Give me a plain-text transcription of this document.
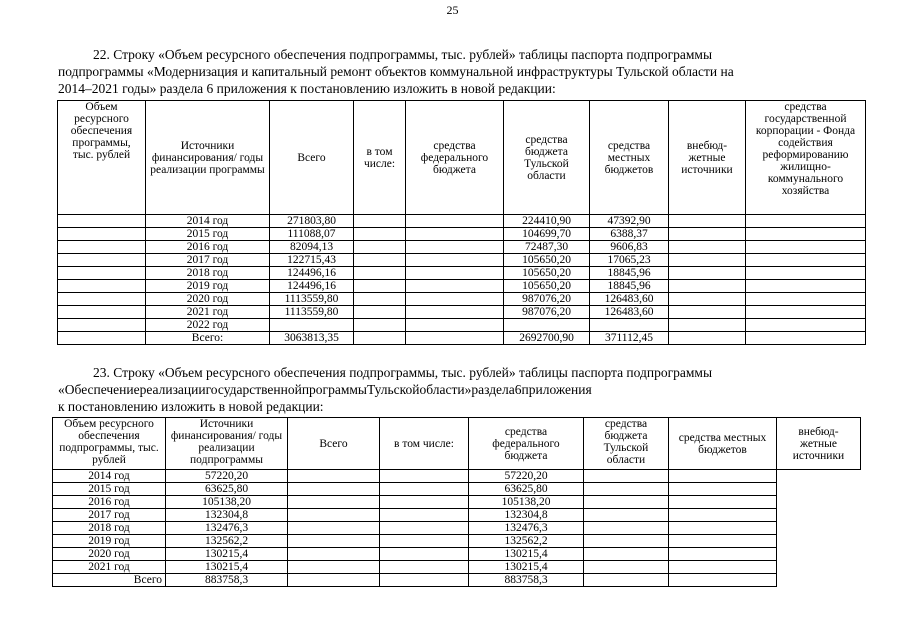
25
22. Строку «Объем ресурсного обеспечения подпрограммы, тыс. рублей» таблицы паспорта подпрограммы
подпрограммы «Модернизация и капитальный ремонт объектов коммунальной инфраструктуры Тульской области на
2014–2021 годы» раздела 6 приложения к постановлению изложить в новой редакции:
Объем ресурсного обеспечения программы, тыс. рублей	Источники финансирования/ годы реализации программы	Всего	в том числе:	средства федерального бюджета	средства бюджета Тульской области	средства местных бюджетов	внебюд-жетные источники	средства государственной корпорации - Фонда содействия реформированию жилищно-коммунального хозяйства
	2014 год	271803,80			224410,90	47392,90		
	2015 год	111088,07			104699,70	6388,37		
	2016 год	82094,13			72487,30	9606,83		
	2017 год	122715,43			105650,20	17065,23		
	2018 год	124496,16			105650,20	18845,96		
	2019 год	124496,16			105650,20	18845,96		
	2020 год	1113559,80			987076,20	126483,60		
	2021 год	1113559,80			987076,20	126483,60		
	2022 год							
	Всего:	3063813,35			2692700,90	371112,45		
23. Строку «Объем ресурсного обеспечения подпрограммы, тыс. рублей» таблицы паспорта подпрограммы
«ОбеспечениереализациигосударственнойпрограммыТульскойобласти»раздела6приложения
к постановлению изложить в новой редакции:
Объем ресурсного обеспечения подпрограммы, тыс. рублей	Источники финансирования/ годы реализации подпрограммы	Всего	в том числе:	средства федерального бюджета	средства бюджета Тульской области	средства местных бюджетов	внебюд-жетные источники
2014 год	57220,20			57220,20			
2015 год	63625,80			63625,80			
2016 год	105138,20			105138,20			
2017 год	132304,8			132304,8			
2018 год	132476,3			132476,3			
2019 год	132562,2			132562,2			
2020 год	130215,4			130215,4			
2021 год	130215,4			130215,4			
Всего	883758,3			883758,3			
